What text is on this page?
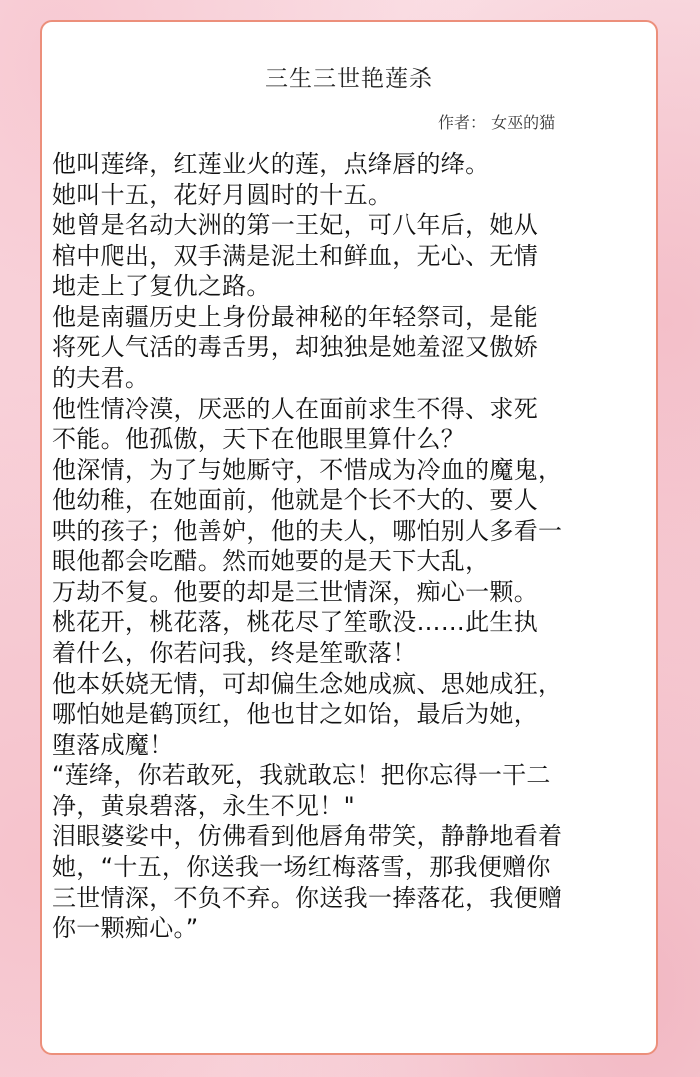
三生三世艳莲杀
作者： 女巫的猫
他叫莲绛，红莲业火的莲，点绛唇的绛。
她叫十五，花好月圆时的十五。
她曾是名动大洲的第一王妃，可八年后，她从
棺中爬出，双手满是泥土和鲜血，无心、无情
地走上了复仇之路。
他是南疆历史上身份最神秘的年轻祭司，是能
将死人气活的毒舌男，却独独是她羞涩又傲娇
的夫君。
他性情冷漠，厌恶的人在面前求生不得、求死
不能。他孤傲，天下在他眼里算什么？
他深情，为了与她厮守，不惜成为冷血的魔鬼，
他幼稚，在她面前，他就是个长不大的、要人
哄的孩子；他善妒，他的夫人，哪怕别人多看一
眼他都会吃醋。然而她要的是天下大乱，
万劫不复。他要的却是三世情深，痴心一颗。
桃花开，桃花落，桃花尽了笙歌没……此生执
着什么，你若问我，终是笙歌落！
他本妖娆无情，可却偏生念她成疯、思她成狂，
哪怕她是鹤顶红，他也甘之如饴，最后为她，
堕落成魔！
“莲绛，你若敢死，我就敢忘！把你忘得一干二
净，黄泉碧落，永生不见！"
泪眼婆娑中，仿佛看到他唇角带笑，静静地看着
她，“十五，你送我一场红梅落雪，那我便赠你
三世情深，不负不弃。你送我一捧落花，我便赠
你一颗痴心。”
